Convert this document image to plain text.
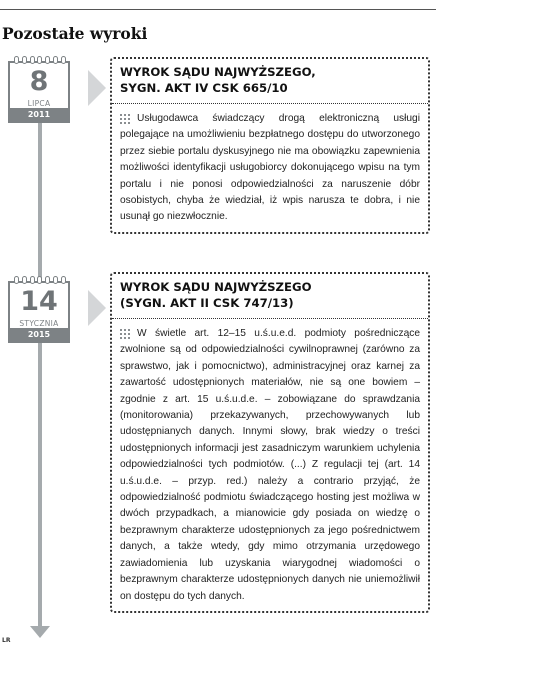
Pozostałe wyroki
8
LIPCA
2011
WYROK SĄDU NAJWYŻSZEGO,
SYGN. AKT IV CSK 665/10

Usługodawca świadczący drogą elektroniczną usługi polegające na umożliwieniu bezpłatnego dostępu do utworzonego przez siebie portalu dyskusyjnego nie ma obowiązku zapewnienia możliwości identyfikacji usługobiorcy dokonującego wpisu na tym portalu i nie ponosi odpowiedzialności za naruszenie dóbr osobistych, chyba że wiedział, iż wpis narusza te dobra, i nie usunął go niezwłocznie.

14
STYCZNIA
2015
WYROK SĄDU NAJWYŻSZEGO
(SYGN. AKT II CSK 747/13)

W świetle art. 12–15 u.ś.u.e.d. podmioty pośredniczące zwolnione są od odpowiedzialności cywilnoprawnej (zarówno za sprawstwo, jak i pomocnictwo), administracyjnej oraz karnej za zawartość udostępnionych materiałów, nie są one bowiem – zgodnie z art. 15 u.ś.u.d.e. – zobowiązane do sprawdzania (monitorowania) przekazywanych, przechowywanych lub udostępnianych danych. Innymi słowy, brak wiedzy o treści udostępnionych informacji jest zasadniczym warunkiem uchylenia odpowiedzialności tych podmiotów. (...) Z regulacji tej (art. 14 u.ś.u.d.e. – przyp. red.) należy a contrario przyjąć, że odpowiedzialność podmiotu świadczącego hosting jest możliwa w dwóch przypadkach, a mianowicie gdy posiada on wiedzę o bezprawnym charakterze udostępnionych za jego pośrednictwem danych, a także wtedy, gdy mimo otrzymania urzędowego zawiadomienia lub uzyskania wiarygodnej wiadomości o bezprawnym charakterze udostępnionych danych nie uniemożliwił on dostępu do tych danych.

LR
